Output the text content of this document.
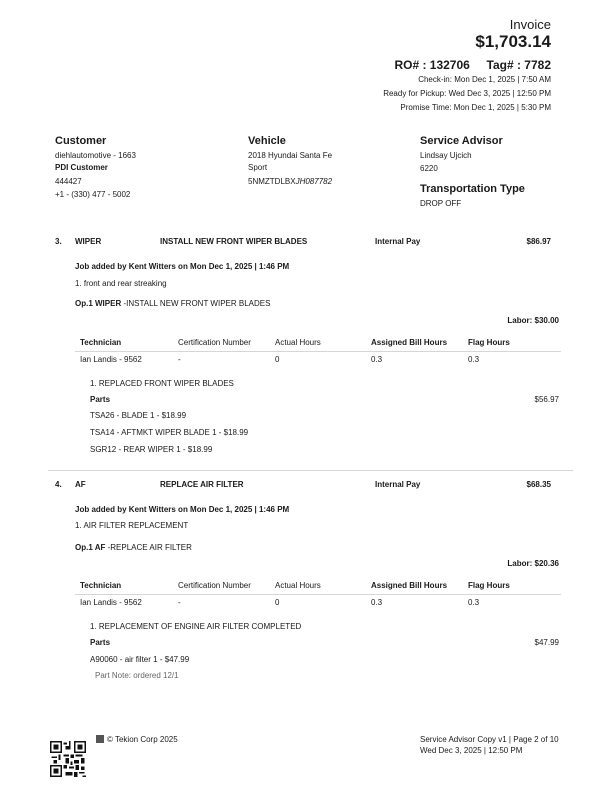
Invoice
$1,703.14
RO# : 132706 Tag# : 7782
Check-in: Mon Dec 1, 2025 | 7:50 AM
Ready for Pickup: Wed Dec 3, 2025 | 12:50 PM
Promise Time: Mon Dec 1, 2025 | 5:30 PM
Customer
diehlautomotive - 1663
PDI Customer
444427
+1 - (330) 477 - 5002
Vehicle
2018 Hyundai Santa Fe
Sport
5NMZTDLBXJH087782
Service Advisor
Lindsay Ujcich
6220
Transportation Type
DROP OFF
3. WIPER	INSTALL NEW FRONT WIPER BLADES	Internal Pay	$86.97
Job added by Kent Witters on Mon Dec 1, 2025 | 1:46 PM
1. front and rear streaking
Op.1 WIPER -INSTALL NEW FRONT WIPER BLADES
Labor: $30.00
Technician	Certification Number	Actual Hours	Assigned Bill Hours	Flag Hours
Ian Landis - 9562	-	0	0.3	0.3
1. REPLACED FRONT WIPER BLADES
Parts	$56.97
TSA26 - BLADE 1 - $18.99
TSA14 - AFTMKT WIPER BLADE 1 - $18.99
SGR12 - REAR WIPER 1 - $18.99
4. AF	REPLACE AIR FILTER	Internal Pay	$68.35
Job added by Kent Witters on Mon Dec 1, 2025 | 1:46 PM
1. AIR FILTER REPLACEMENT
Op.1 AF -REPLACE AIR FILTER
Labor: $20.36
Technician	Certification Number	Actual Hours	Assigned Bill Hours	Flag Hours
Ian Landis - 9562	-	0	0.3	0.3
1. REPLACEMENT OF ENGINE AIR FILTER COMPLETED
Parts	$47.99
A90060 - air filter 1 - $47.99
Part Note: ordered 12/1
© Tekion Corp 2025	Service Advisor Copy v1 | Page 2 of 10
Wed Dec 3, 2025 | 12:50 PM
